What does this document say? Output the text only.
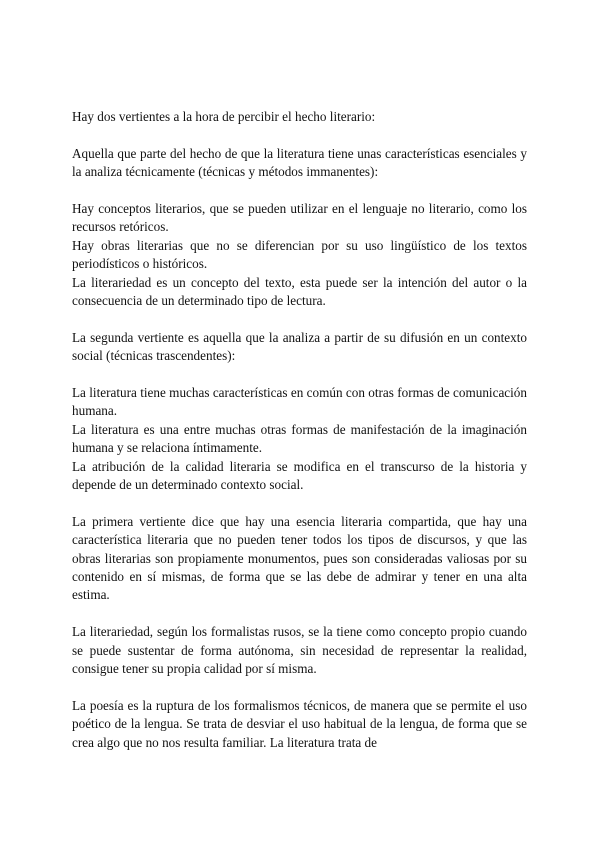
Hay dos vertientes a la hora de percibir el hecho literario:

Aquella que parte del hecho de que la literatura tiene unas características esenciales y la analiza técnicamente (técnicas y métodos immanentes):

Hay conceptos literarios, que se pueden utilizar en el lenguaje no literario, como los recursos retóricos.

Hay obras literarias que no se diferencian por su uso lingüístico de los textos periodísticos o históricos.

La literariedad es un concepto del texto, esta puede ser la intención del autor o la consecuencia de un determinado tipo de lectura.

La segunda vertiente es aquella que la analiza a partir de su difusión en un contexto social (técnicas trascendentes):

La literatura tiene muchas características en común con otras formas de comunicación humana.

La literatura es una entre muchas otras formas de manifestación de la imaginación humana y se relaciona íntimamente.

La atribución de la calidad literaria se modifica en el transcurso de la historia y depende de un determinado contexto social.

La primera vertiente dice que hay una esencia literaria compartida, que hay una característica literaria que no pueden tener todos los tipos de discursos, y que las obras literarias son propiamente monumentos, pues son consideradas valiosas por su contenido en sí mismas, de forma que se las debe de admirar y tener en una alta estima.

La literariedad, según los formalistas rusos, se la tiene como concepto propio cuando se puede sustentar de forma autónoma, sin necesidad de representar la realidad, consigue tener su propia calidad por sí misma.

La poesía es la ruptura de los formalismos técnicos, de manera que se permite el uso poético de la lengua. Se trata de desviar el uso habitual de la lengua, de forma que se crea algo que no nos resulta familiar. La literatura trata de
